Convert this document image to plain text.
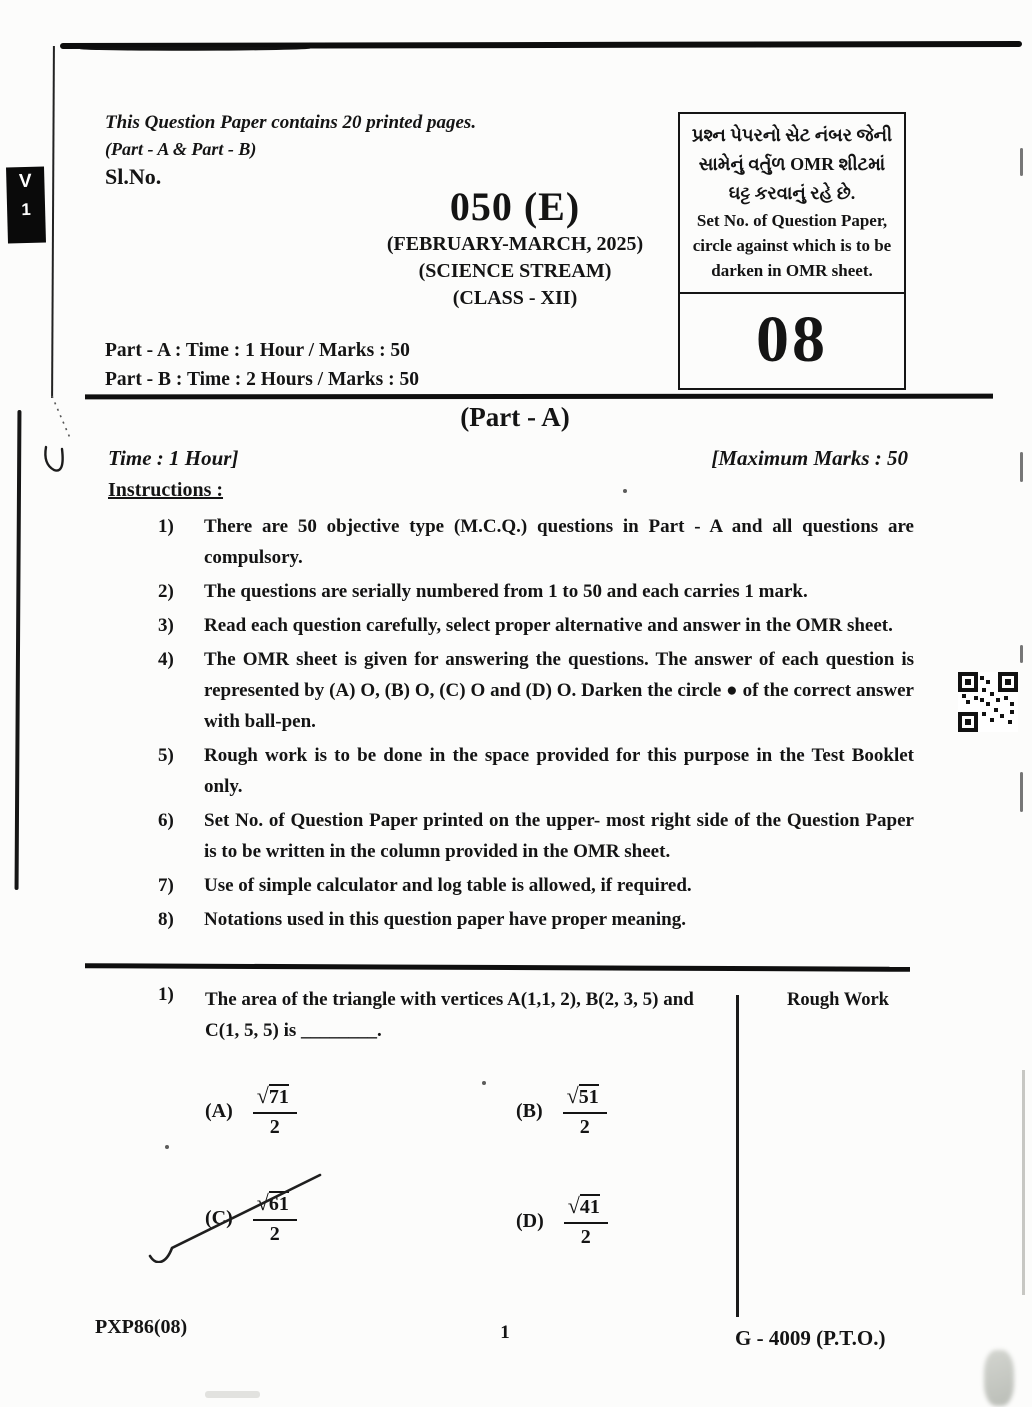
V
1
This Question Paper contains 20 printed pages.
(Part - A & Part - B)
Sl.No.
050 (E)
(FEBRUARY-MARCH, 2025)
(SCIENCE STREAM)
(CLASS - XII)
પ્રશ્ન પેપરનો સેટ નંબર જેની
સામેનું વર્તુળ OMR શીટમાં
ઘટ્ટ કરવાનું રહે છે.
Set No. of Question Paper,
circle against which is to be
darken in OMR sheet.
08
Part - A : Time : 1 Hour / Marks : 50
Part - B : Time : 2 Hours / Marks : 50
(Part - A)
Time : 1 Hour]	[Maximum Marks : 50
Instructions :
1)	There are 50 objective type (M.C.Q.) questions in Part - A and all questions are compulsory.
2)	The questions are serially numbered from 1 to 50 and each carries 1 mark.
3)	Read each question carefully, select proper alternative and answer in the OMR sheet.
4)	The OMR sheet is given for answering the questions. The answer of each question is represented by (A) O, (B) O, (C) O and (D) O. Darken the circle ● of the correct answer with ball-pen.
5)	Rough work is to be done in the space provided for this purpose in the Test Booklet only.
6)	Set No. of Question Paper printed on the upper- most right side of the Question Paper is to be written in the column provided in the OMR sheet.
7)	Use of simple calculator and log table is allowed, if required.
8)	Notations used in this question paper have proper meaning.
1) The area of the triangle with vertices A(1,1, 2), B(2, 3, 5) and
C(1, 5, 5) is ________.
Rough Work
$(A) \frac{√71}{2}$	$(B) \frac{√51}{2}$
$(C) \frac{√61}{2}$	$(D) \frac{√41}{2}$
PXP86(08)	1	G - 4009 (P.T.O.)
